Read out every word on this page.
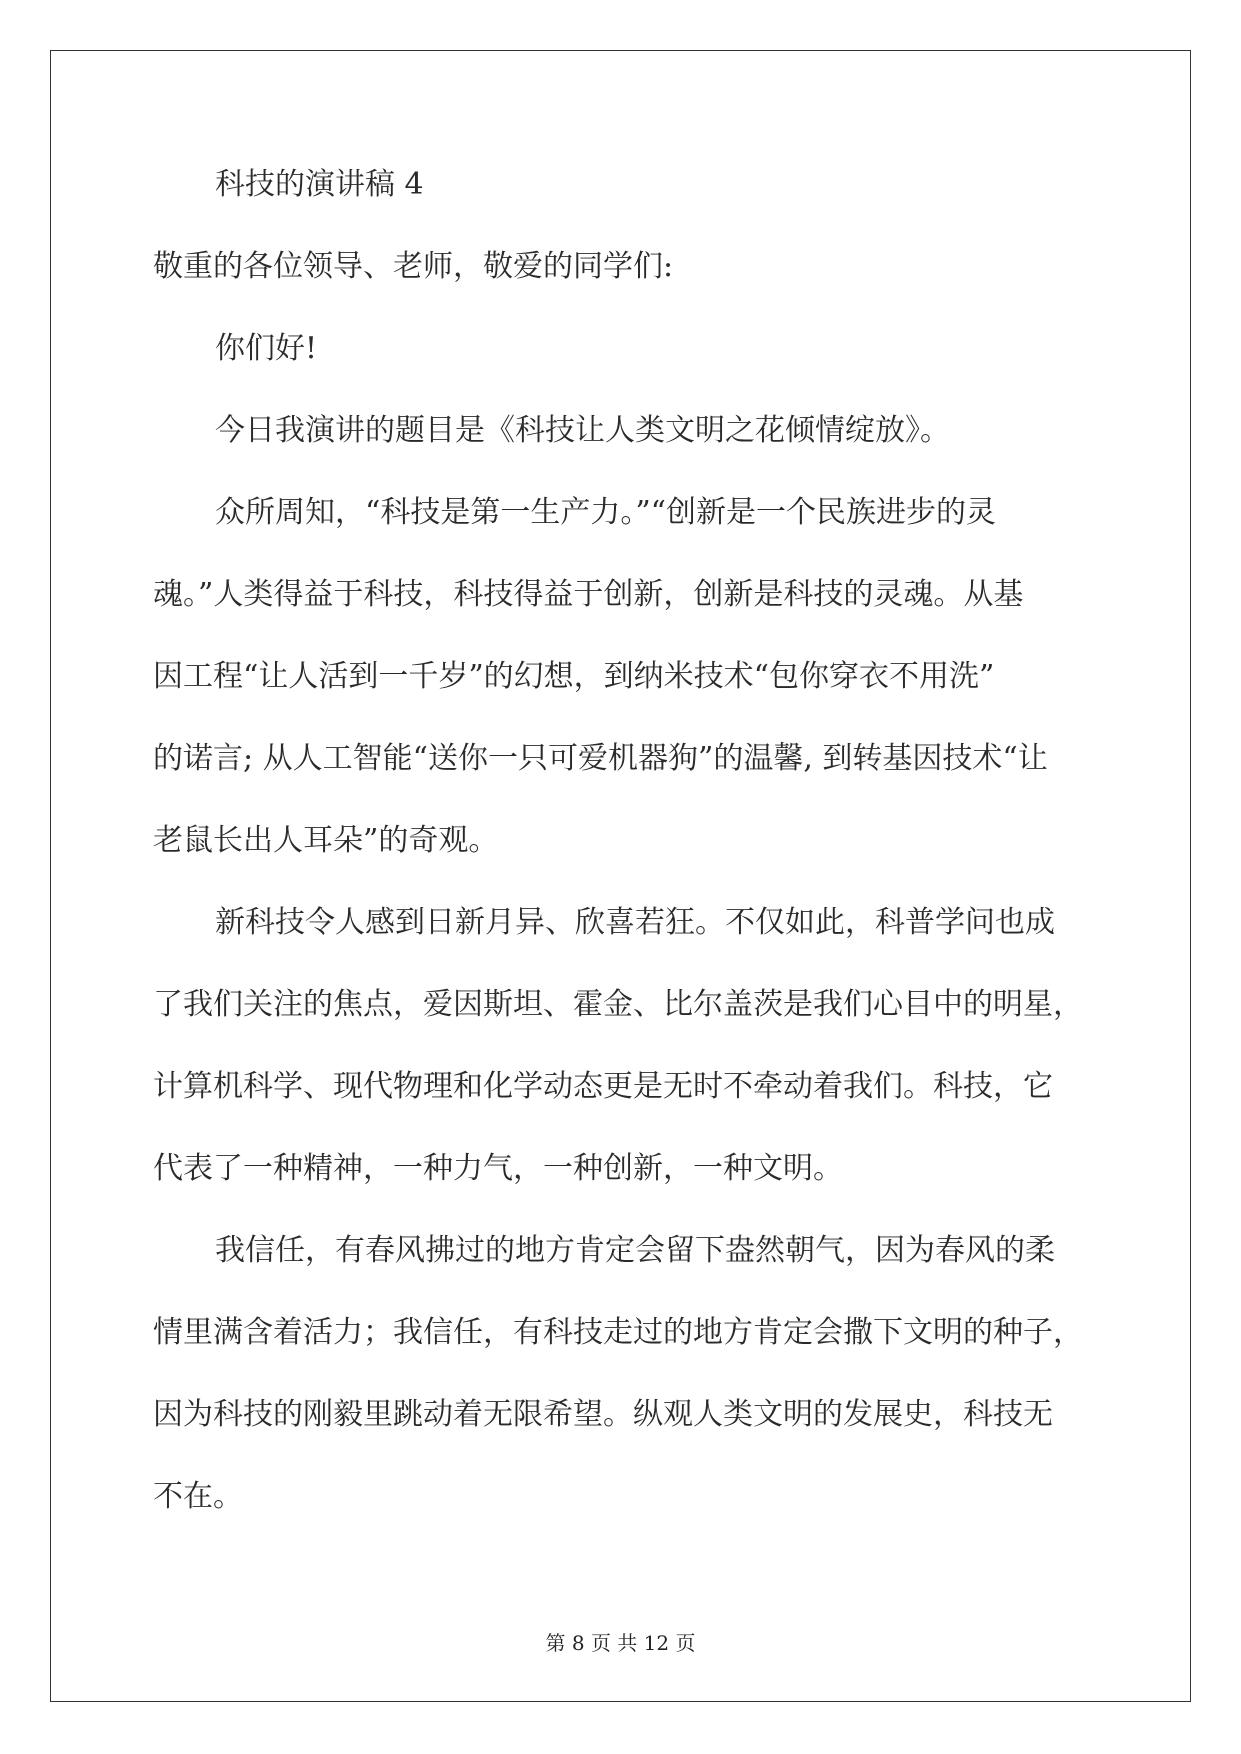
科技的演讲稿 4

敬重的各位领导、老师，敬爱的同学们:

你们好!

今日我演讲的题目是《科技让人类文明之花倾情绽放》。

众所周知，“科技是第一生产力。”“创新是一个民族进步的灵

魂。”人类得益于科技，科技得益于创新，创新是科技的灵魂。从基

因工程“让人活到一千岁”的幻想，到纳米技术“包你穿衣不用洗”

的诺言; 从人工智能“送你一只可爱机器狗”的温馨, 到转基因技术“让

老鼠长出人耳朵”的奇观。

新科技令人感到日新月异、欣喜若狂。不仅如此，科普学问也成

了我们关注的焦点，爱因斯坦、霍金、比尔盖茨是我们心目中的明星，

计算机科学、现代物理和化学动态更是无时不牵动着我们。科技，它

代表了一种精神，一种力气，一种创新，一种文明。

我信任，有春风拂过的地方肯定会留下盎然朝气，因为春风的柔

情里满含着活力；我信任，有科技走过的地方肯定会撒下文明的种子，

因为科技的刚毅里跳动着无限希望。纵观人类文明的发展史，科技无

不在。

第 8 页 共 12 页
